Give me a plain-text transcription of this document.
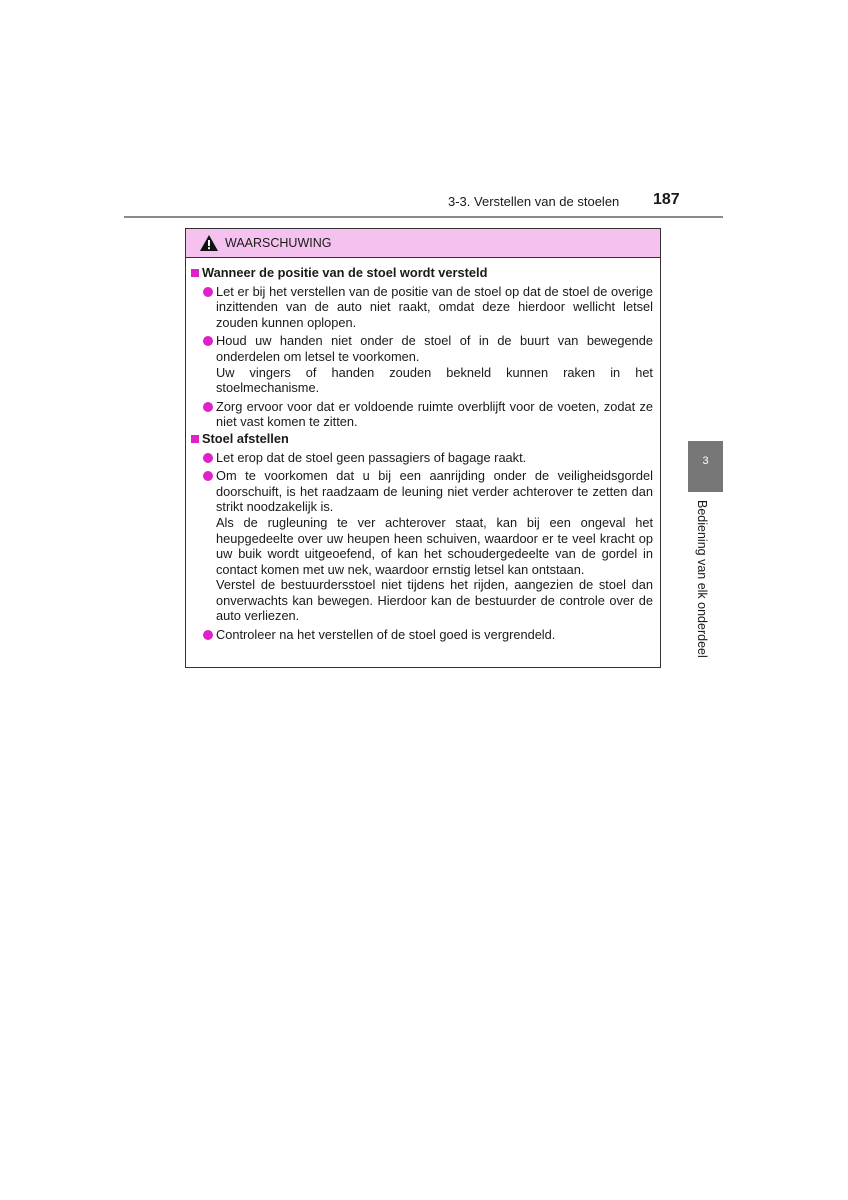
3-3. Verstellen van de stoelen 187
WAARSCHUWING
Wanneer de positie van de stoel wordt versteld
Let er bij het verstellen van de positie van de stoel op dat de stoel de overige inzittenden van de auto niet raakt, omdat deze hierdoor wellicht letsel zouden kunnen oplopen.
Houd uw handen niet onder de stoel of in de buurt van bewegende onderdelen om letsel te voorkomen.
Uw vingers of handen zouden bekneld kunnen raken in het stoelmechanisme.
Zorg ervoor voor dat er voldoende ruimte overblijft voor de voeten, zodat ze niet vast komen te zitten.
Stoel afstellen
Let erop dat de stoel geen passagiers of bagage raakt.
Om te voorkomen dat u bij een aanrijding onder de veiligheidsgordel doorschuift, is het raadzaam de leuning niet verder achterover te zetten dan strikt noodzakelijk is.
Als de rugleuning te ver achterover staat, kan bij een ongeval het heupgedeelte over uw heupen heen schuiven, waardoor er te veel kracht op uw buik wordt uitgeoefend, of kan het schoudergedeelte van de gordel in contact komen met uw nek, waardoor ernstig letsel kan ontstaan.
Verstel de bestuurdersstoel niet tijdens het rijden, aangezien de stoel dan onverwachts kan bewegen. Hierdoor kan de bestuurder de controle over de auto verliezen.
Controleer na het verstellen of de stoel goed is vergrendeld.
3
Bediening van elk onderdeel
